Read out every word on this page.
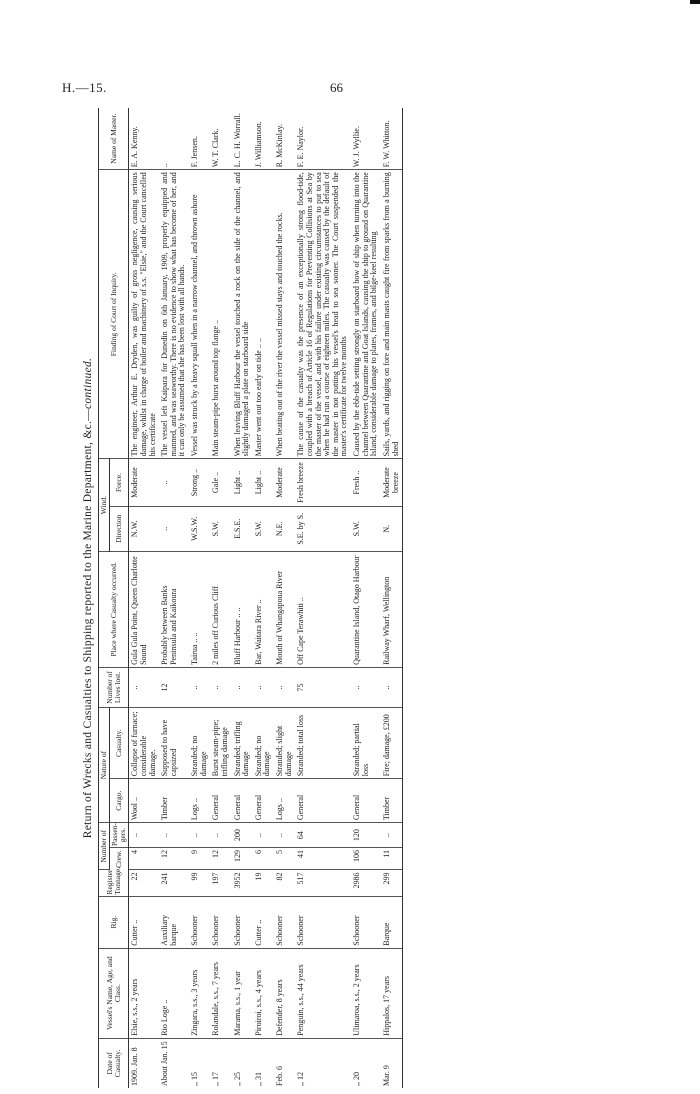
H.—15.	66
Return of Wrecks and Casualties to Shipping reported to the Marine Department, &c.—continued.
Date of Casualty.	Vessel's Name, Age, and Class.	Rig.	Register Tonnage.	Number of		Nature of		Number of Lives lost.	Place where Casualty occurred.	Wind.		Finding of Court of Inquiry.	Name of Master.
				Crew.	Passen- gers.	Cargo.	Casualty.			Direction	Force.		
1909. Jan. 8	Elsie, s.s., 2 years	Cutter ..	22	4	..	Wool ..	Collapse of furnace; considerable damage.	..	Gula Gula Point, Queen Charlotte Sound	N.W.	Moderate	The engineer, Arthur E. Dryden, was guilty of gross negligence, causing serious damage, whilst in charge of boiler and machinery of s.s. "Elsie," and the Court cancelled his certificate	E. A. Kenny.
About Jan. 15	Rio Loge ..	Auxiliary barque	241	12	..	Timber	Supposed to have capsized	12	Probably between Banks Peninsula and Kaikoura	..	..	The vessel left Kaipara for Dunedin on 6th January, 1909, properly equipped and manned, and was seaworthy. There is no evidence to show what has become of her, and it can only be assumed that she has been lost with all hands.	..
,, 15	Zingara, s.s., 3 years	Schooner	99	9	..	Logs ..	Stranded; no damage	..	Tairua .. ..	W.S.W.	Strong ..	Vessel was struck by a heavy squall when in a narrow channel, and thrown ashore	F. Jensen.
,, 17	Rolandale, s.s., 7 years	Schooner	197	12	..	General	Burst steam-pipe; trifling damage	..	2 miles off Curious Cliff	S.W.	Gale ..	Main steam-pipe burst around top flange ..	W. T. Clark.
,, 25	Marama, s.s., 1 year	Schooner	3952	129	200	General	Stranded; trifling damage	..	Bluff Harbour .. ..	E.S.E.	Light ..	When leaving Bluff Harbour the vessel touched a rock on the side of the channel, and slightly damaged a plate on starboard side	L. C. H. Worrall.
,, 31	Piroiroi, s.s., 4 years	Cutter ..	19	6	..	General	Stranded; no damage	..	Bar, Waitara River ..	S.W.	Light ..	Master went out too early on tide .. ..	J. Williamson.
Feb. 6	Defender, 8 years	Schooner	82	5	..	Logs ..	Stranded; slight damage	..	Mouth of Whangapoua River	N.E.	Moderate	When beating out of the river the vessel missed stays and touched the rocks.	R. McKinlay.
,, 12	Penguin, s.s., 44 years	Schooner	517	41	64	General	Stranded; total loss	75	Off Cape Terawhiti ..	S.E. by S.	Fresh breeze	The cause of the casualty was the presence of an exceptionally strong flood-tide, coupled with a breach of Article 16 of Regulations for Preventing Collisions at Sea by the master of the vessel, and with his failure under existing circumstances to put to sea when he had run a course of eighteen miles. The casualty was caused by the default of the master in not putting his vessel's head to sea sooner. The Court suspended the master's certificate for twelve months	F. E. Naylor.
,, 20	Ulimaroa, s.s., 2 years	Schooner	2986	106	120	General	Stranded; partial loss	..	Quarantine Island, Otago Harbour	S.W.	Fresh ..	Caused by the ebb-tide setting strongly on starboard bow of ship when turning into the channel between Quarantine and Goat Islands, causing the ship to ground on Quarantine Island, considerable damage to plates, frames, and bilge-keel resulting	W. J. Wyllie.
Mar. 9	Hippalos, 17 years	Barque	299	11	..	Timber	Fire; damage, £200	..	Railway Wharf, Wellington	N.	Moderate breeze	Sails, yards, and rigging on fore and main masts caught fire from sparks from a burning shed	F. W. Whitton.
